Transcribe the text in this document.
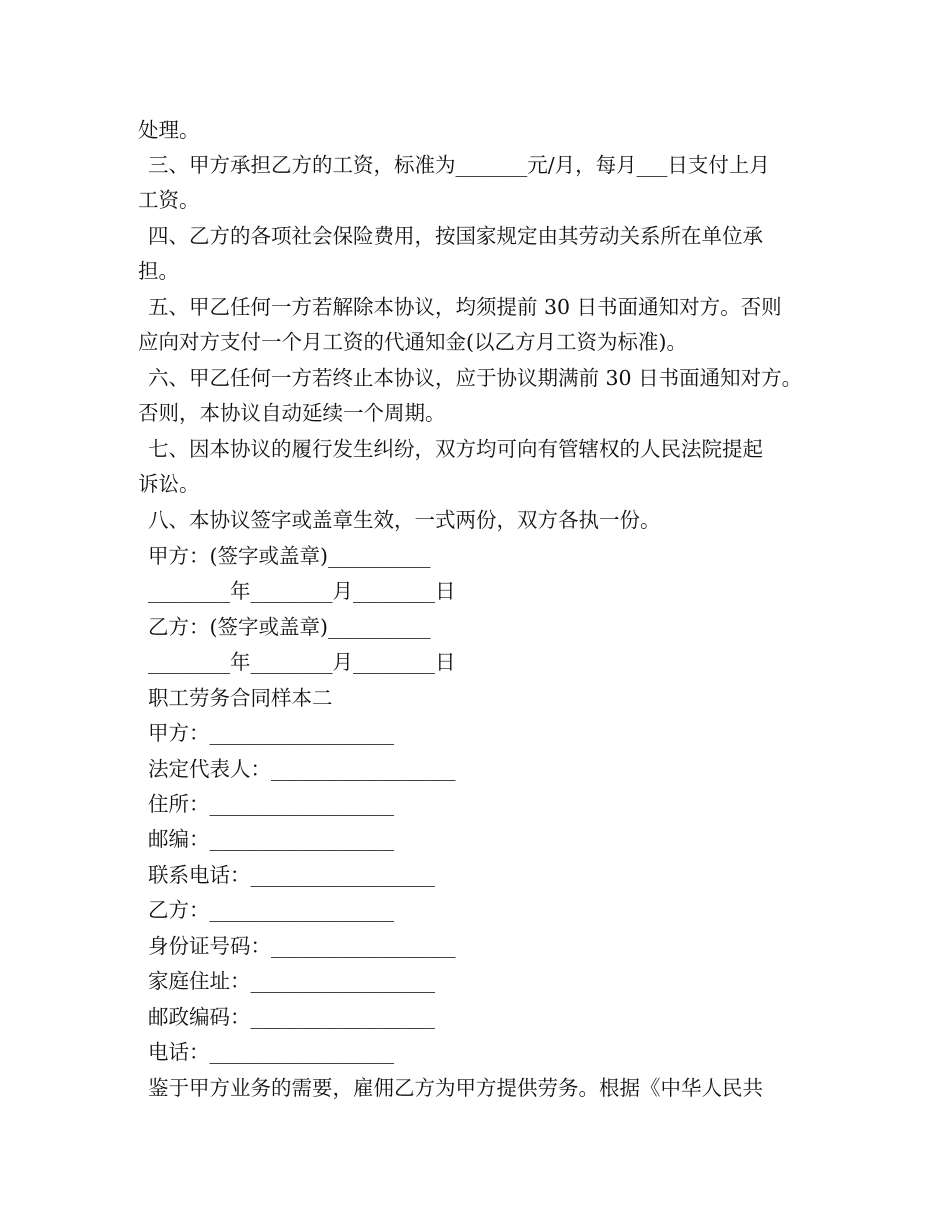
处理。
三、甲方承担乙方的工资，标准为_______元/月，每月___日支付上月
工资。
四、乙方的各项社会保险费用，按国家规定由其劳动关系所在单位承
担。
五、甲乙任何一方若解除本协议，均须提前 30 日书面通知对方。否则
应向对方支付一个月工资的代通知金(以乙方月工资为标准)。
六、甲乙任何一方若终止本协议，应于协议期满前 30 日书面通知对方。
否则，本协议自动延续一个周期。
七、因本协议的履行发生纠纷，双方均可向有管辖权的人民法院提起
诉讼。
八、本协议签字或盖章生效，一式两份，双方各执一份。
甲方：(签字或盖章)__________
________年________月________日
乙方：(签字或盖章)__________
________年________月________日
职工劳务合同样本二
甲方：__________________
法定代表人：__________________
住所：__________________
邮编：__________________
联系电话：__________________
乙方：__________________
身份证号码：__________________
家庭住址：__________________
邮政编码：__________________
电话：__________________
鉴于甲方业务的需要，雇佣乙方为甲方提供劳务。根据《中华人民共
